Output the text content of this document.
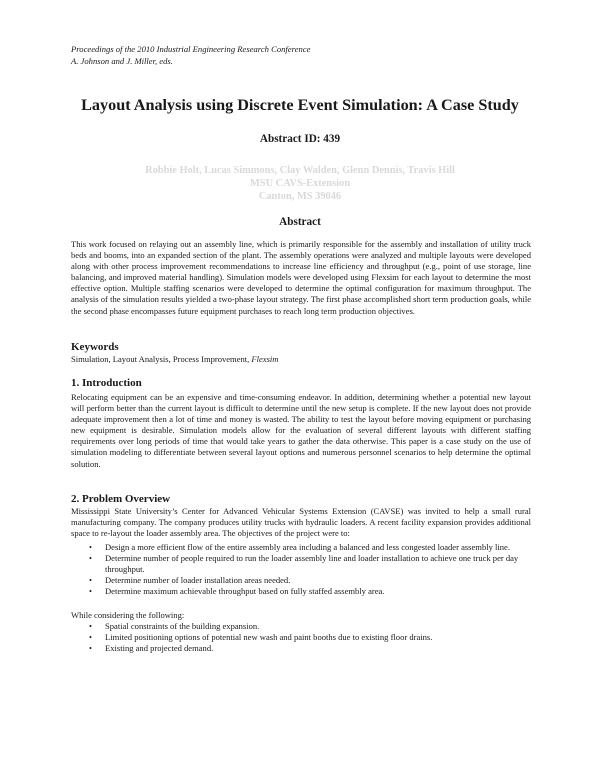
Proceedings of the 2010 Industrial Engineering Research Conference
A. Johnson and J. Miller, eds.
Layout Analysis using Discrete Event Simulation: A Case Study
Abstract ID: 439
Robbie Holt, Lucas Simmons, Clay Walden, Glenn Dennis, Travis Hill
MSU CAVS-Extension
Canton, MS 39046
Abstract
This work focused on relaying out an assembly line, which is primarily responsible for the assembly and installation of utility truck beds and booms, into an expanded section of the plant. The assembly operations were analyzed and multiple layouts were developed along with other process improvement recommendations to increase line efficiency and throughput (e.g., point of use storage, line balancing, and improved material handling). Simulation models were developed using Flexsim for each layout to determine the most effective option. Multiple staffing scenarios were developed to determine the optimal configuration for maximum throughput. The analysis of the simulation results yielded a two-phase layout strategy. The first phase accomplished short term production goals, while the second phase encompasses future equipment purchases to reach long term production objectives.
Keywords
Simulation, Layout Analysis, Process Improvement, Flexsim
1. Introduction
Relocating equipment can be an expensive and time-consuming endeavor. In addition, determining whether a potential new layout will perform better than the current layout is difficult to determine until the new setup is complete. If the new layout does not provide adequate improvement then a lot of time and money is wasted. The ability to test the layout before moving equipment or purchasing new equipment is desirable. Simulation models allow for the evaluation of several different layouts with different staffing requirements over long periods of time that would take years to gather the data otherwise. This paper is a case study on the use of simulation modeling to differentiate between several layout options and numerous personnel scenarios to help determine the optimal solution.
2. Problem Overview
Mississippi State University’s Center for Advanced Vehicular Systems Extension (CAVSE) was invited to help a small rural manufacturing company. The company produces utility trucks with hydraulic loaders. A recent facility expansion provides additional space to re-layout the loader assembly area. The objectives of the project were to:
• Design a more efficient flow of the entire assembly area including a balanced and less congested loader assembly line.
• Determine number of people required to run the loader assembly line and loader installation to achieve one truck per day throughput.
• Determine number of loader installation areas needed.
• Determine maximum achievable throughput based on fully staffed assembly area.
While considering the following:
• Spatial constraints of the building expansion.
• Limited positioning options of potential new wash and paint booths due to existing floor drains.
• Existing and projected demand.
